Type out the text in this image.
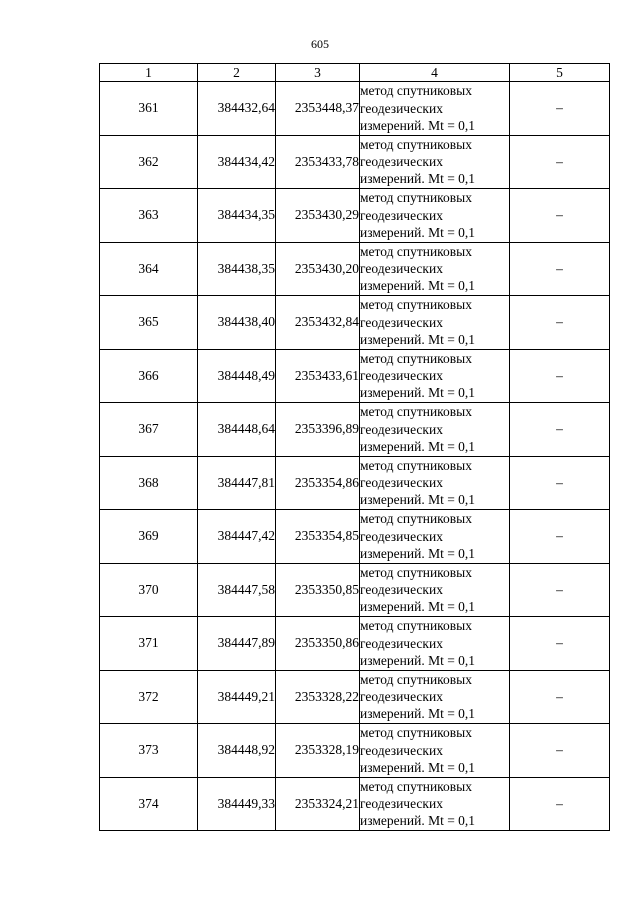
605
1	2	3	4	5
361	384432,64	2353448,37	метод спутниковых
геодезических
измерений. Mt = 0,1	–
362	384434,42	2353433,78	метод спутниковых
геодезических
измерений. Mt = 0,1	–
363	384434,35	2353430,29	метод спутниковых
геодезических
измерений. Mt = 0,1	–
364	384438,35	2353430,20	метод спутниковых
геодезических
измерений. Mt = 0,1	–
365	384438,40	2353432,84	метод спутниковых
геодезических
измерений. Mt = 0,1	–
366	384448,49	2353433,61	метод спутниковых
геодезических
измерений. Mt = 0,1	–
367	384448,64	2353396,89	метод спутниковых
геодезических
измерений. Mt = 0,1	–
368	384447,81	2353354,86	метод спутниковых
геодезических
измерений. Mt = 0,1	–
369	384447,42	2353354,85	метод спутниковых
геодезических
измерений. Mt = 0,1	–
370	384447,58	2353350,85	метод спутниковых
геодезических
измерений. Mt = 0,1	–
371	384447,89	2353350,86	метод спутниковых
геодезических
измерений. Mt = 0,1	–
372	384449,21	2353328,22	метод спутниковых
геодезических
измерений. Mt = 0,1	–
373	384448,92	2353328,19	метод спутниковых
геодезических
измерений. Mt = 0,1	–
374	384449,33	2353324,21	метод спутниковых
геодезических
измерений. Mt = 0,1	–
